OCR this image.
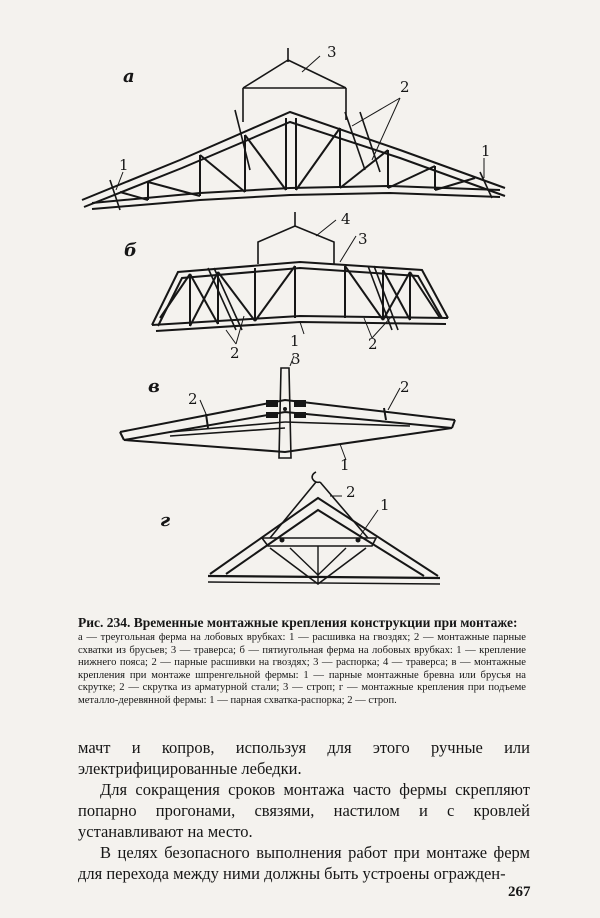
а
3
2
1
1
б
4
3
2	2
1
в
3
2
2
1
г
2
1
Рис. 234. Временные монтажные крепления конструкции при монтаже:
а — треугольная ферма на лобовых врубках: 1 — расшивка на гвоздях; 2 — монтажные парные схватки из брусьев; 3 — траверса; б — пятиугольная ферма на лобовых врубках: 1 — крепление нижнего пояса; 2 — парные расшивки на гвоздях; 3 — распорка; 4 — траверса; в — монтажные крепления при монтаже шпренгельной фермы: 1 — парные монтажные бревна или брусья на скрутке; 2 — скрутка из арматурной стали; 3 — строп; г — монтажные крепления при подъеме металло-деревянной фермы: 1 — парная схватка-распорка; 2 — строп.

мачт и копров, используя для этого ручные или электрифицированные лебедки.

Для сокращения сроков монтажа часто фермы скрепляют попарно прогонами, связями, настилом и с кровлей устанавливают на место.

В целях безопасного выполнения работ при монтаже ферм для перехода между ними должны быть устроены огражден-

267
